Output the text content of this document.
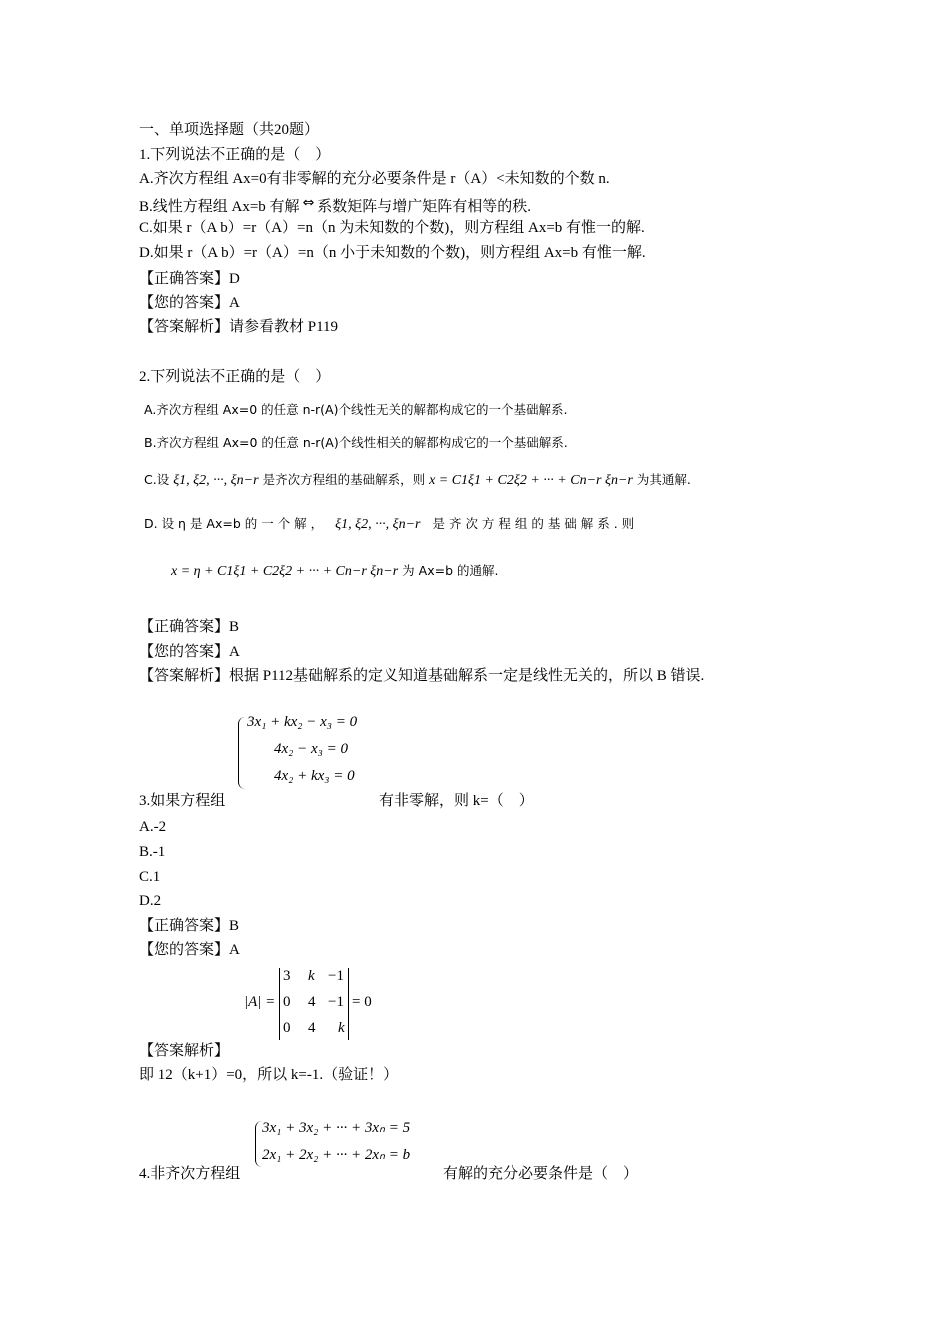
一、单项选择题（共20题）
1.下列说法不正确的是（　）
A.齐次方程组 Ax=0有非零解的充分必要条件是 r（A）<未知数的个数 n.
B.线性方程组 Ax=b 有解 ⇔ 系数矩阵与增广矩阵有相等的秩.
C.如果 r（A b）=r（A）=n（n 为未知数的个数)，则方程组 Ax=b 有惟一的解.
D.如果 r（A b）=r（A）=n（n 小于未知数的个数)，则方程组 Ax=b 有惟一解.
【正确答案】D
【您的答案】A
【答案解析】请参看教材 P119
2.下列说法不正确的是（　）
A.齐次方程组 Ax=0 的任意 n-r(A)个线性无关的解都构成它的一个基础解系.
B.齐次方程组 Ax=0 的任意 n-r(A)个线性相关的解都构成它的一个基础解系.
C.设 ξ1, ξ2, ···, ξn−r 是齐次方程组的基础解系，则 x = C1ξ1 + C2ξ2 + ··· + Cn−r ξn−r 为其通解.
D. 设 η 是 Ax=b 的 一 个 解 ， ξ1, ξ2, ···, ξn−r 是 齐 次 方 程 组 的 基 础 解 系 . 则
x = η + C1ξ1 + C2ξ2 + ··· + Cn−r ξn−r 为 Ax=b 的通解.
【正确答案】B
【您的答案】A
【答案解析】根据 P112基础解系的定义知道基础解系一定是线性无关的，所以 B 错误.
3x₁ + kx₂ − x₃ = 0
4x₂ − x₃ = 0
4x₂ + kx₃ = 0
3.如果方程组	有非零解，则 k=（　）
A.-2
B.-1
C.1
D.2
【正确答案】B
【您的答案】A
|A| =
3 k −1
0 4 −1
0 4 k
= 0
【答案解析】
即 12（k+1）=0，所以 k=-1.（验证！）
3x₁ + 3x₂ + ··· + 3xₙ = 5
2x₁ + 2x₂ + ··· + 2xₙ = b
4.非齐次方程组	有解的充分必要条件是（　）
